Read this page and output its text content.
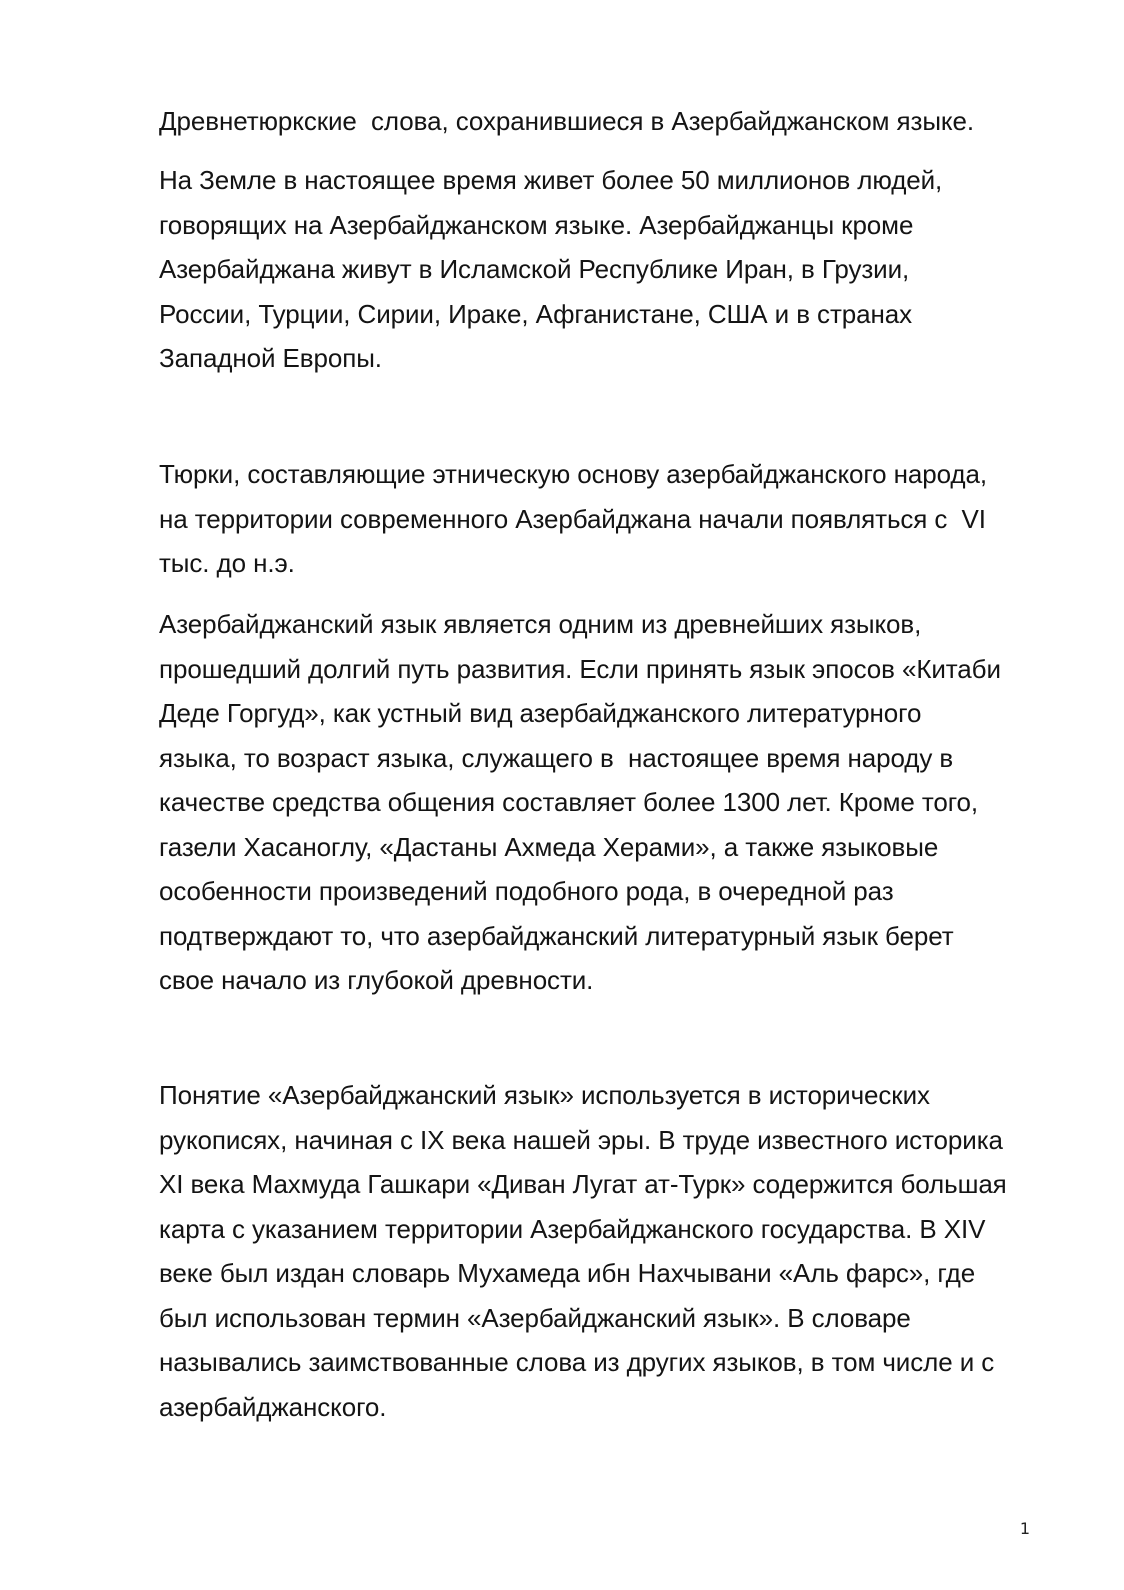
Древнетюркские  слова, сохранившиеся в Азербайджанском языке.
На Земле в настоящее время живет более 50 миллионов людей,
говорящих на Азербайджанском языке. Азербайджанцы кроме
Азербайджана живут в Исламской Республике Иран, в Грузии,
России, Турции, Сирии, Ираке, Афганистане, США и в странах
Западной Европы.
Тюрки, составляющие этническую основу азербайджанского народа,
на территории современного Азербайджана начали появляться с  VI
тыс. до н.э.
Азербайджанский язык является одним из древнейших языков,
прошедший долгий путь развития. Если принять язык эпосов «Китаби
Деде Горгуд», как устный вид азербайджанского литературного
языка, то возраст языка, служащего в  настоящее время народу в
качестве средства общения составляет более 1300 лет. Кроме того,
газели Хасаноглу, «Дастаны Ахмеда Херами», а также языковые
особенности произведений подобного рода, в очередной раз
подтверждают то, что азербайджанский литературный язык берет
свое начало из глубокой древности.
Понятие «Азербайджанский язык» используется в исторических
рукописях, начиная с IX века нашей эры. В труде известного историка
XI века Махмуда Гашкари «Диван Лугат ат-Турк» содержится большая
карта с указанием территории Азербайджанского государства. В XIV
веке был издан словарь Мухамеда ибн Нахчывани «Аль фарс», где
был использован термин «Азербайджанский язык». В словаре
назывались заимствованные слова из других языков, в том числе и с
азербайджанского.
1
